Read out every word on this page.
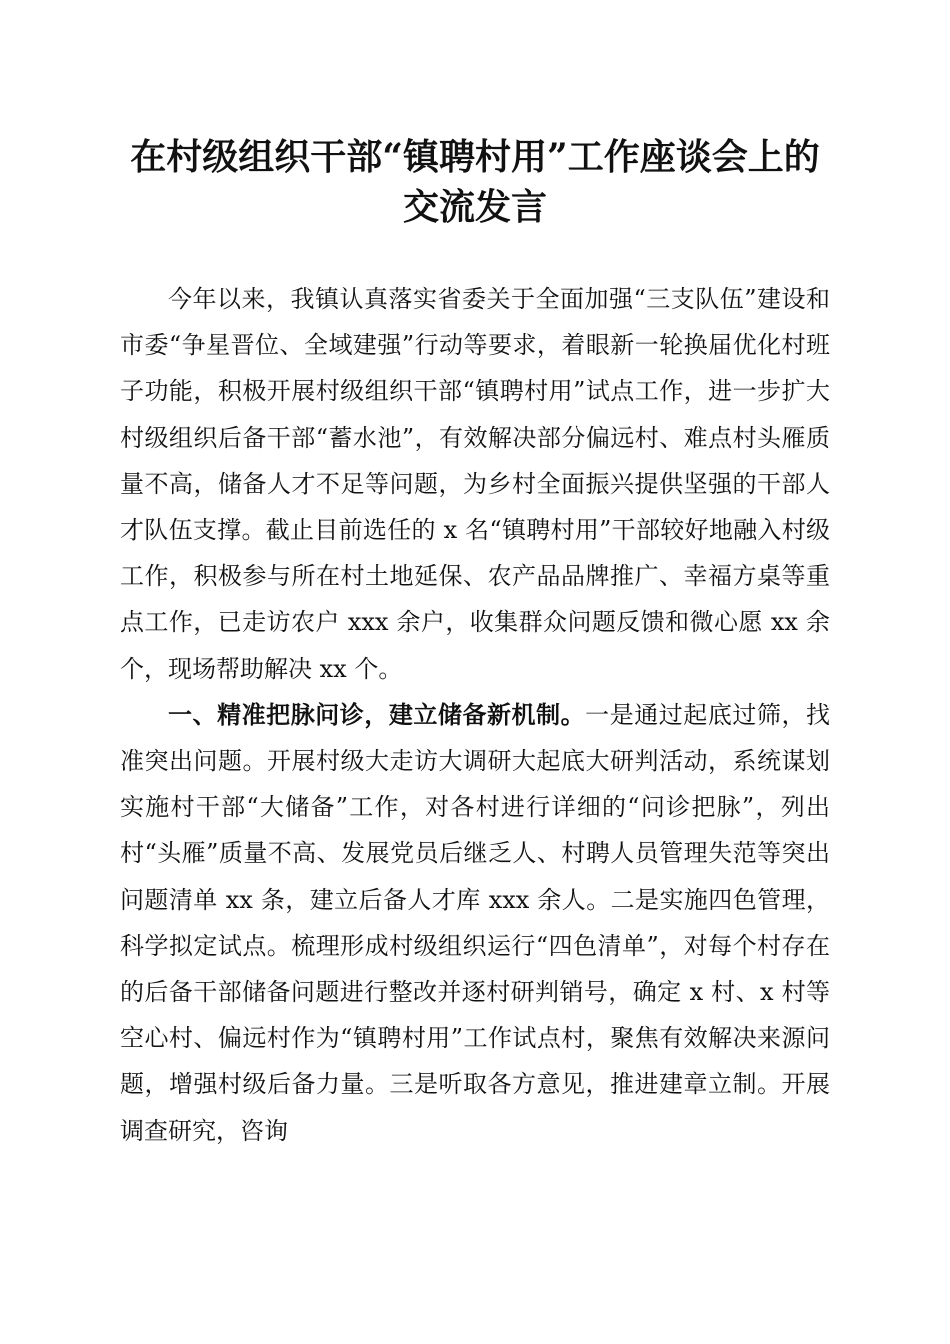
在村级组织干部“镇聘村用”工作座谈会上的
交流发言

今年以来，我镇认真落实省委关于全面加强“三支队伍”建设和市委“争星晋位、全域建强”行动等要求，着眼新一轮换届优化村班子功能，积极开展村级组织干部“镇聘村用”试点工作，进一步扩大村级组织后备干部“蓄水池”，有效解决部分偏远村、难点村头雁质量不高，储备人才不足等问题，为乡村全面振兴提供坚强的干部人才队伍支撑。截止目前选任的 x 名“镇聘村用”干部较好地融入村级工作，积极参与所在村土地延保、农产品品牌推广、幸福方桌等重点工作，已走访农户 xxx 余户，收集群众问题反馈和微心愿 xx 余个，现场帮助解决 xx 个。

一、精准把脉问诊，建立储备新机制。一是通过起底过筛，找准突出问题。开展村级大走访大调研大起底大研判活动，系统谋划实施村干部“大储备”工作，对各村进行详细的“问诊把脉”，列出村“头雁”质量不高、发展党员后继乏人、村聘人员管理失范等突出问题清单 xx 条，建立后备人才库 xxx 余人。二是实施四色管理，科学拟定试点。梳理形成村级组织运行“四色清单”，对每个村存在的后备干部储备问题进行整改并逐村研判销号，确定 x 村、x 村等空心村、偏远村作为“镇聘村用”工作试点村，聚焦有效解决来源问题，增强村级后备力量。三是听取各方意见，推进建章立制。开展调查研究，咨询
